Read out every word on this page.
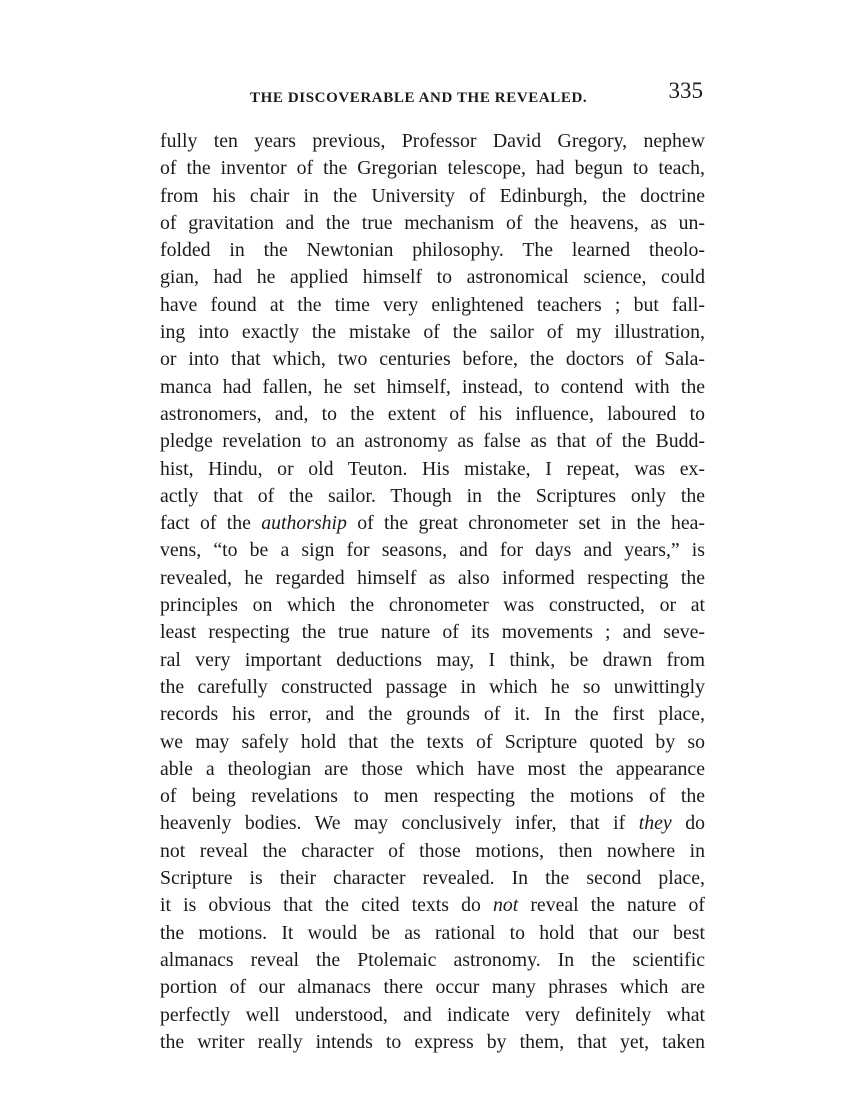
THE DISCOVERABLE AND THE REVEALED.	335
fully ten years previous, Professor David Gregory, nephew
of the inventor of the Gregorian telescope, had begun to teach,
from his chair in the University of Edinburgh, the doctrine
of gravitation and the true mechanism of the heavens, as un-
folded in the Newtonian philosophy. The learned theolo-
gian, had he applied himself to astronomical science, could
have found at the time very enlightened teachers ; but fall-
ing into exactly the mistake of the sailor of my illustration,
or into that which, two centuries before, the doctors of Sala-
manca had fallen, he set himself, instead, to contend with the
astronomers, and, to the extent of his influence, laboured to
pledge revelation to an astronomy as false as that of the Budd-
hist, Hindu, or old Teuton. His mistake, I repeat, was ex-
actly that of the sailor. Though in the Scriptures only the
fact of the authorship of the great chronometer set in the hea-
vens, “to be a sign for seasons, and for days and years,” is
revealed, he regarded himself as also informed respecting the
principles on which the chronometer was constructed, or at
least respecting the true nature of its movements ; and seve-
ral very important deductions may, I think, be drawn from
the carefully constructed passage in which he so unwittingly
records his error, and the grounds of it. In the first place,
we may safely hold that the texts of Scripture quoted by so
able a theologian are those which have most the appearance
of being revelations to men respecting the motions of the
heavenly bodies. We may conclusively infer, that if they do
not reveal the character of those motions, then nowhere in
Scripture is their character revealed. In the second place,
it is obvious that the cited texts do not reveal the nature of
the motions. It would be as rational to hold that our best
almanacs reveal the Ptolemaic astronomy. In the scientific
portion of our almanacs there occur many phrases which are
perfectly well understood, and indicate very definitely what
the writer really intends to express by them, that yet, taken
